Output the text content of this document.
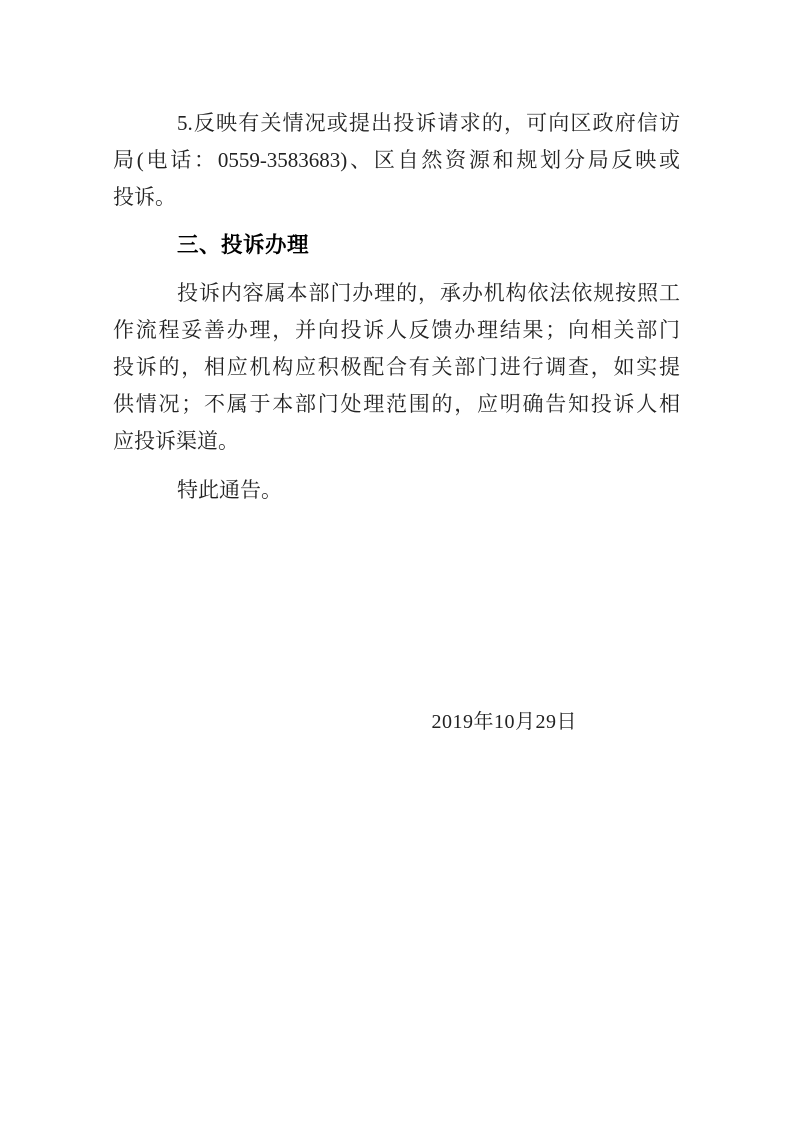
5.反映有关情况或提出投诉请求的，可向区政府信访
局(电话：0559-3583683)、区自然资源和规划分局反映或
投诉。
三、投诉办理
投诉内容属本部门办理的，承办机构依法依规按照工
作流程妥善办理，并向投诉人反馈办理结果；向相关部门
投诉的，相应机构应积极配合有关部门进行调查，如实提
供情况；不属于本部门处理范围的，应明确告知投诉人相
应投诉渠道。
特此通告。
2019年10月29日
